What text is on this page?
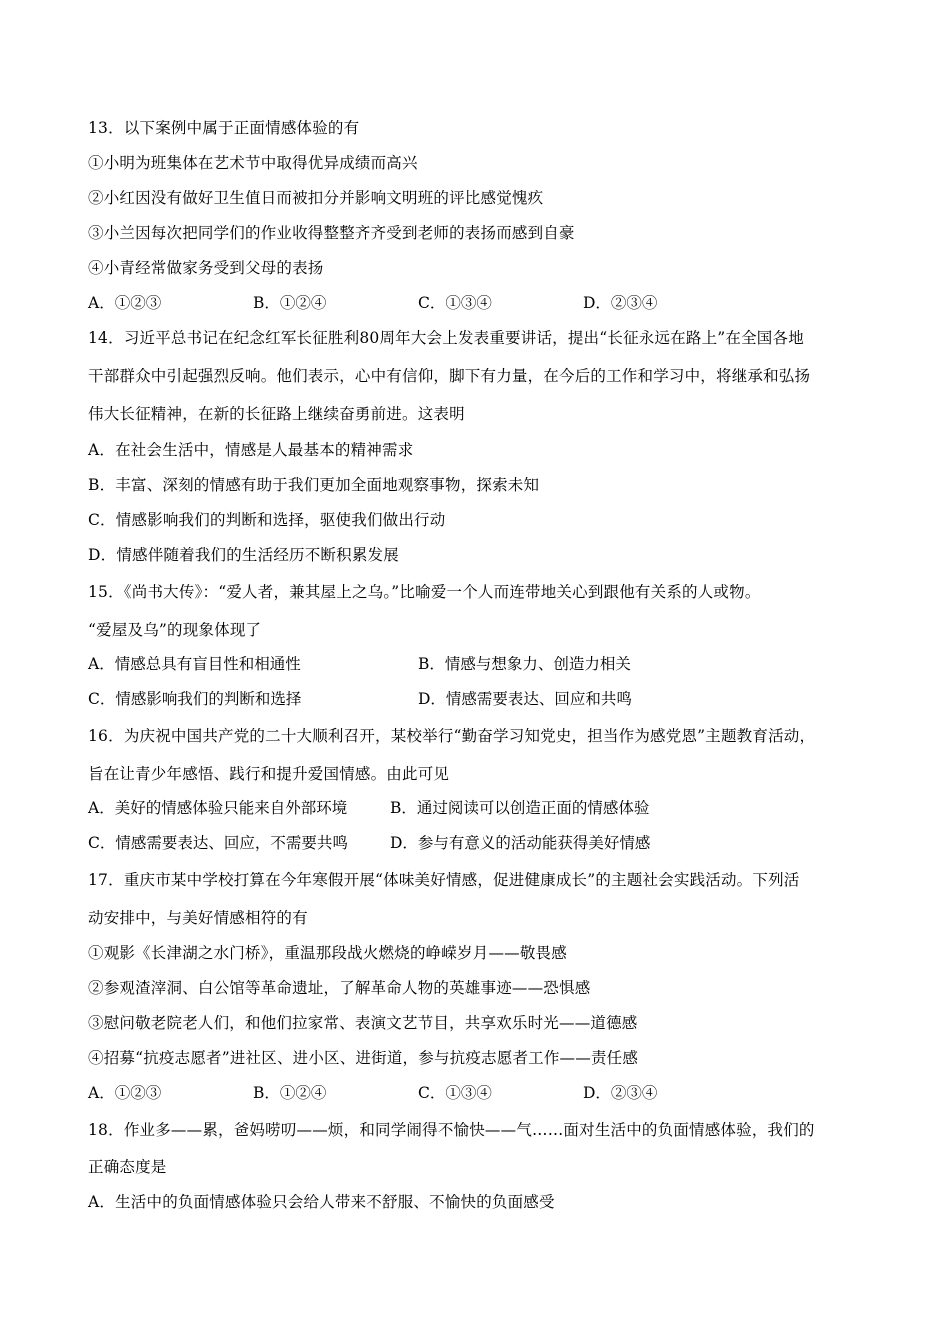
13．以下案例中属于正面情感体验的有
①小明为班集体在艺术节中取得优异成绩而高兴
②小红因没有做好卫生值日而被扣分并影响文明班的评比感觉愧疚
③小兰因每次把同学们的作业收得整整齐齐受到老师的表扬而感到自豪
④小青经常做家务受到父母的表扬
A．①②③	B．①②④	C．①③④	D．②③④
14．习近平总书记在纪念红军长征胜利80周年大会上发表重要讲话，提出“长征永远在路上”在全国各地
干部群众中引起强烈反响。他们表示，心中有信仰，脚下有力量，在今后的工作和学习中，将继承和弘扬
伟大长征精神，在新的长征路上继续奋勇前进。这表明
A．在社会生活中，情感是人最基本的精神需求
B．丰富、深刻的情感有助于我们更加全面地观察事物，探索未知
C．情感影响我们的判断和选择，驱使我们做出行动
D．情感伴随着我们的生活经历不断积累发展
15．《尚书大传》：“爱人者，兼其屋上之乌。”比喻爱一个人而连带地关心到跟他有关系的人或物。
“爱屋及乌”的现象体现了
A．情感总具有盲目性和相通性	B．情感与想象力、创造力相关
C．情感影响我们的判断和选择	D．情感需要表达、回应和共鸣
16．为庆祝中国共产党的二十大顺利召开，某校举行“勤奋学习知党史，担当作为感党恩”主题教育活动，
旨在让青少年感悟、践行和提升爱国情感。由此可见
A．美好的情感体验只能来自外部环境	B．通过阅读可以创造正面的情感体验
C．情感需要表达、回应，不需要共鸣	D．参与有意义的活动能获得美好情感
17．重庆市某中学校打算在今年寒假开展“体味美好情感，促进健康成长”的主题社会实践活动。下列活
动安排中，与美好情感相符的有
①观影《长津湖之水门桥》，重温那段战火燃烧的峥嵘岁月——敬畏感
②参观渣滓洞、白公馆等革命遗址，了解革命人物的英雄事迹——恐惧感
③慰问敬老院老人们，和他们拉家常、表演文艺节目，共享欢乐时光——道德感
④招募“抗疫志愿者”进社区、进小区、进街道，参与抗疫志愿者工作——责任感
A．①②③	B．①②④	C．①③④	D．②③④
18．作业多——累，爸妈唠叨——烦，和同学闹得不愉快——气……面对生活中的负面情感体验，我们的
正确态度是
A．生活中的负面情感体验只会给人带来不舒服、不愉快的负面感受
